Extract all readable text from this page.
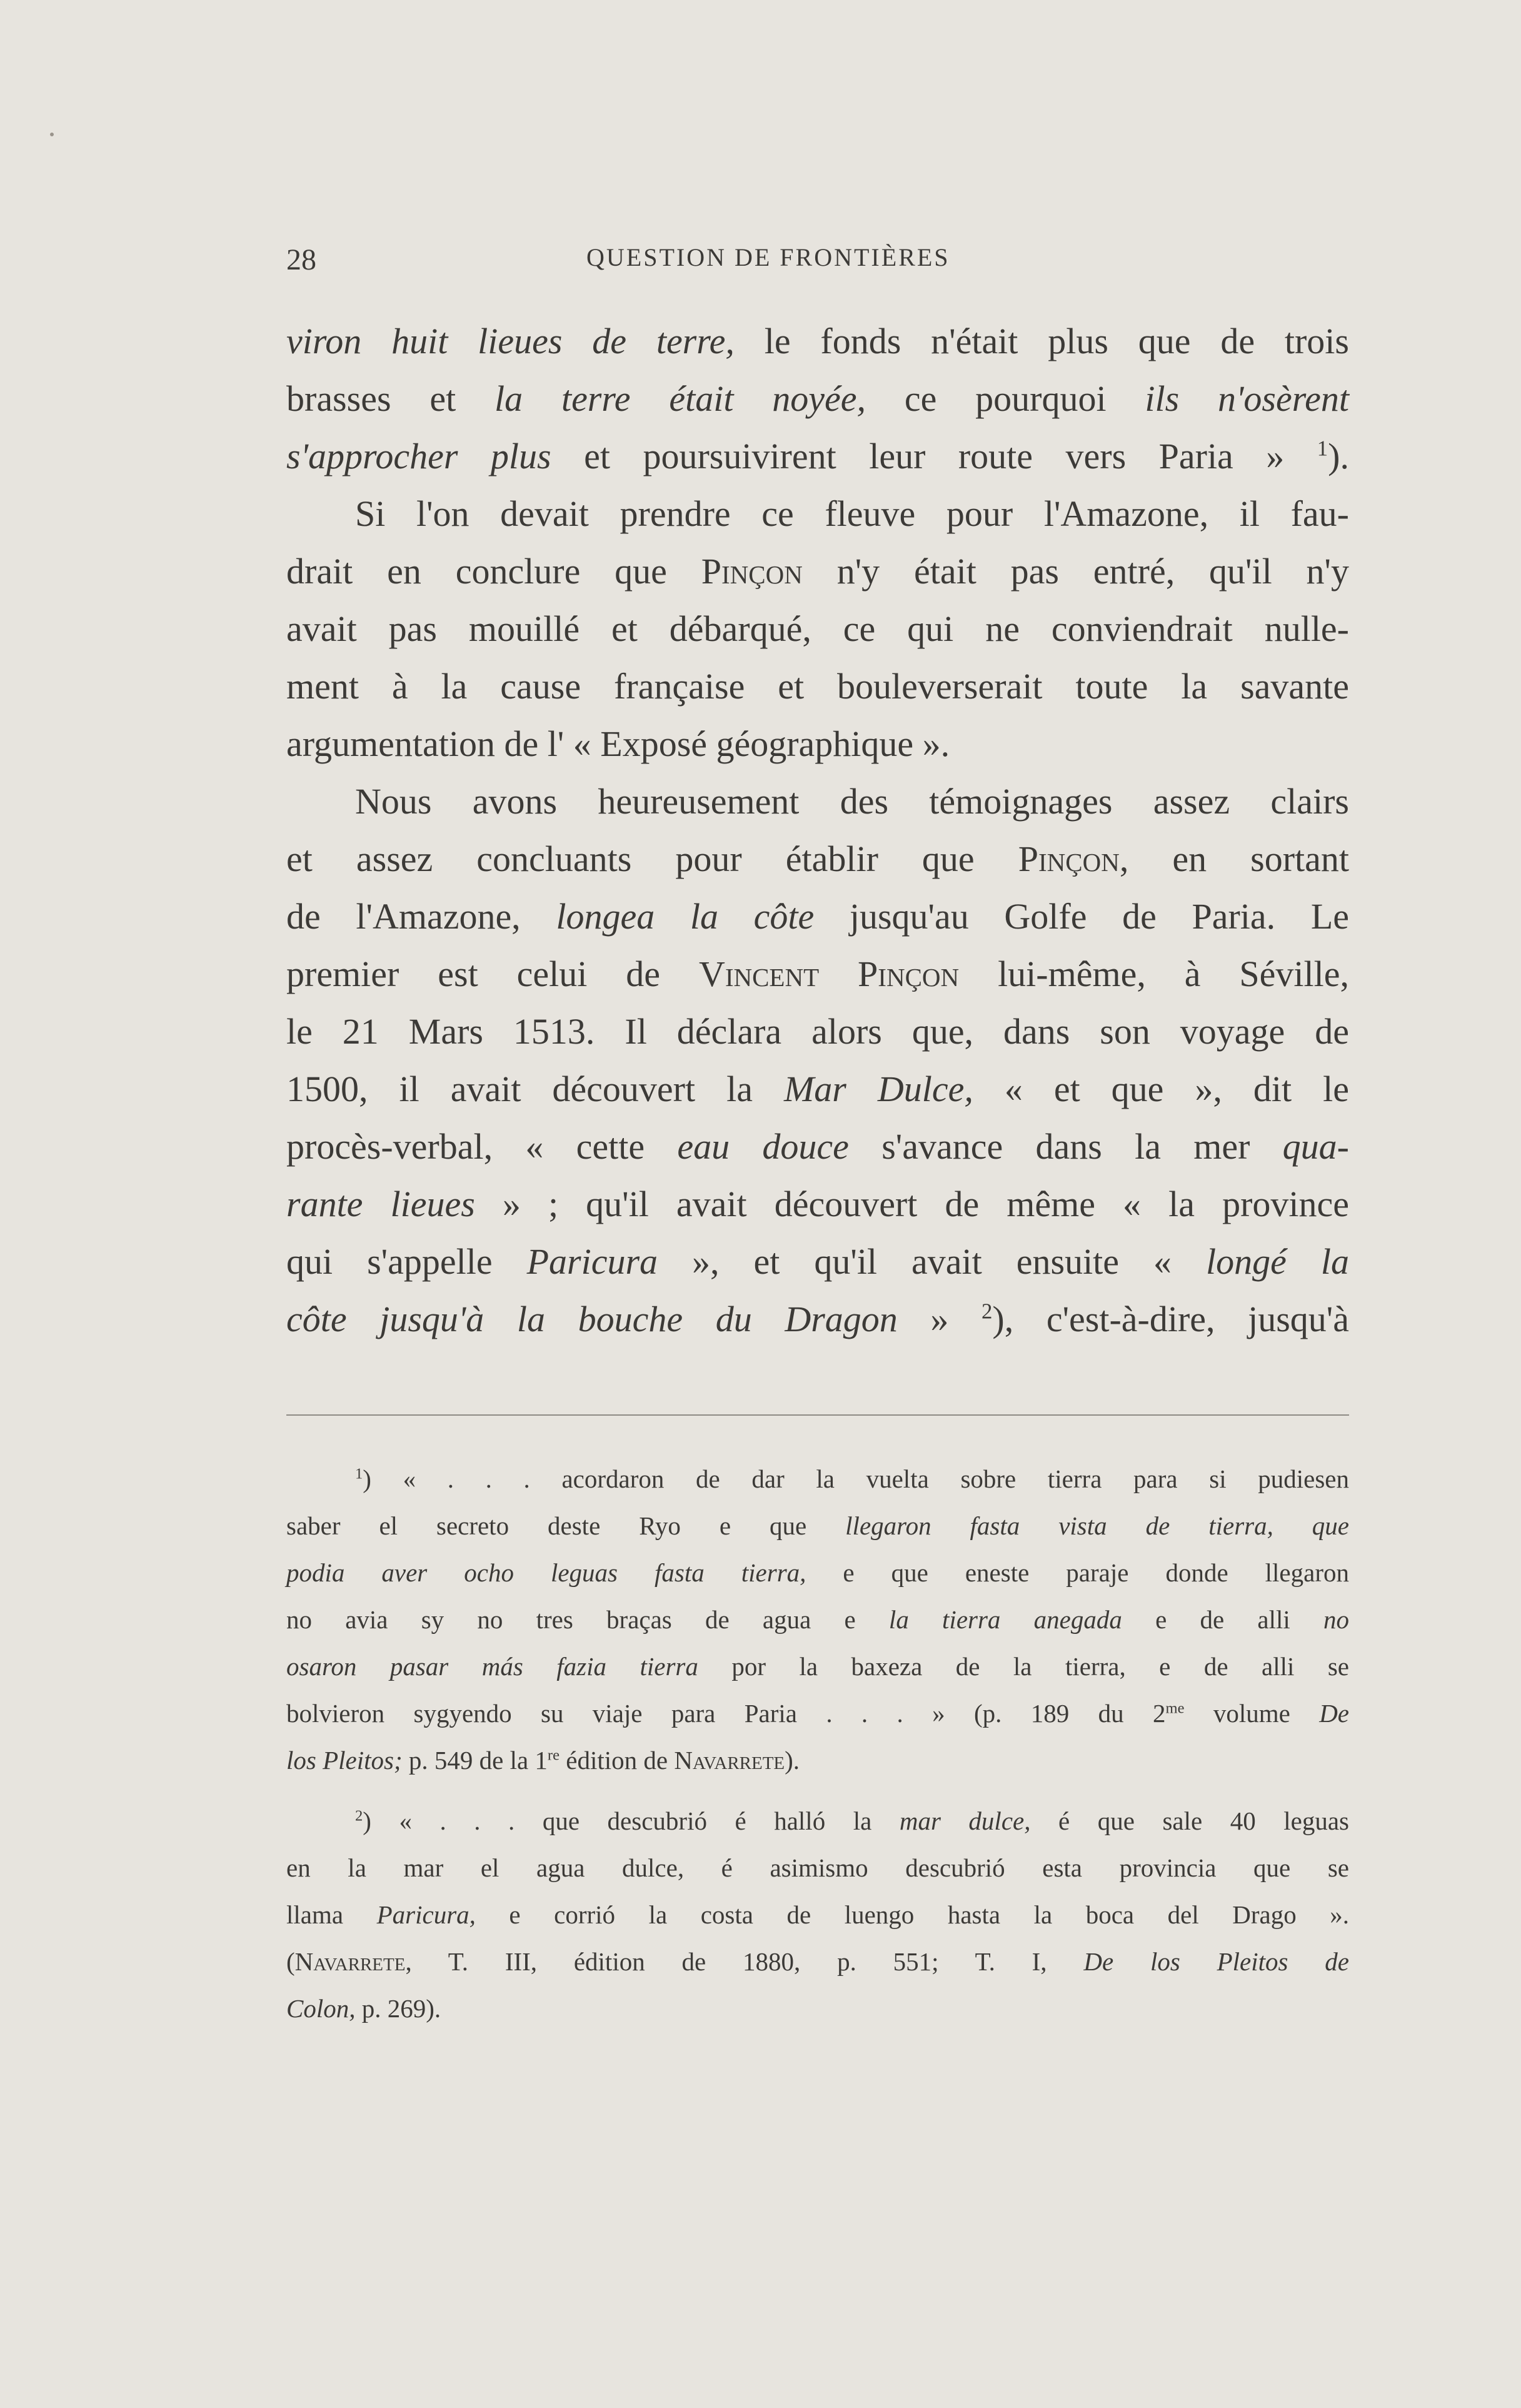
28	QUESTION DE FRONTIÈRES
viron huit lieues de terre, le fonds n'était plus que de trois
brasses et la terre était noyée, ce pourquoi ils n'osèrent
s'approcher plus et poursuivirent leur route vers Paria » $^1$).
Si l'on devait prendre ce fleuve pour l'Amazone, il fau-
drait en conclure que Pinçon n'y était pas entré, qu'il n'y
avait pas mouillé et débarqué, ce qui ne conviendrait nulle-
ment à la cause française et bouleverserait toute la savante
argumentation de l' « Exposé géographique ».
Nous avons heureusement des témoignages assez clairs
et assez concluants pour établir que Pinçon, en sortant
de l'Amazone, longea la côte jusqu'au Golfe de Paria. Le
premier est celui de Vincent Pinçon lui-même, à Séville,
le 21 Mars 1513. Il déclara alors que, dans son voyage de
1500, il avait découvert la Mar Dulce, « et que », dit le
procès-verbal, « cette eau douce s'avance dans la mer qua-
rante lieues » ; qu'il avait découvert de même « la province
qui s'appelle Paricura », et qu'il avait ensuite « longé la
côte jusqu'à la bouche du Dragon » $^2$), c'est-à-dire, jusqu'à
$^1$) « . . . acordaron de dar la vuelta sobre tierra para si pudiesen
saber el secreto deste Ryo e que llegaron fasta vista de tierra, que
podia aver ocho leguas fasta tierra, e que eneste paraje donde llegaron
no avia sy no tres braças de agua e la tierra anegada e de alli no
osaron pasar más fazia tierra por la baxeza de la tierra, e de alli se
bolvieron sygyendo su viaje para Paria . . . » (p. 189 du $2^{me}$ volume De
los Pleitos; p. 549 de la 1re édition de Navarrete).
$^2$) « . . . que descubrió é halló la mar dulce, é que sale 40 leguas
en la mar el agua dulce, é asimismo descubrió esta provincia que se
llama Paricura, e corrió la costa de luengo hasta la boca del Drago ».
(Navarrete, T. III, édition de 1880, p. 551; T. I, De los Pleitos de
Colon, p. 269).
